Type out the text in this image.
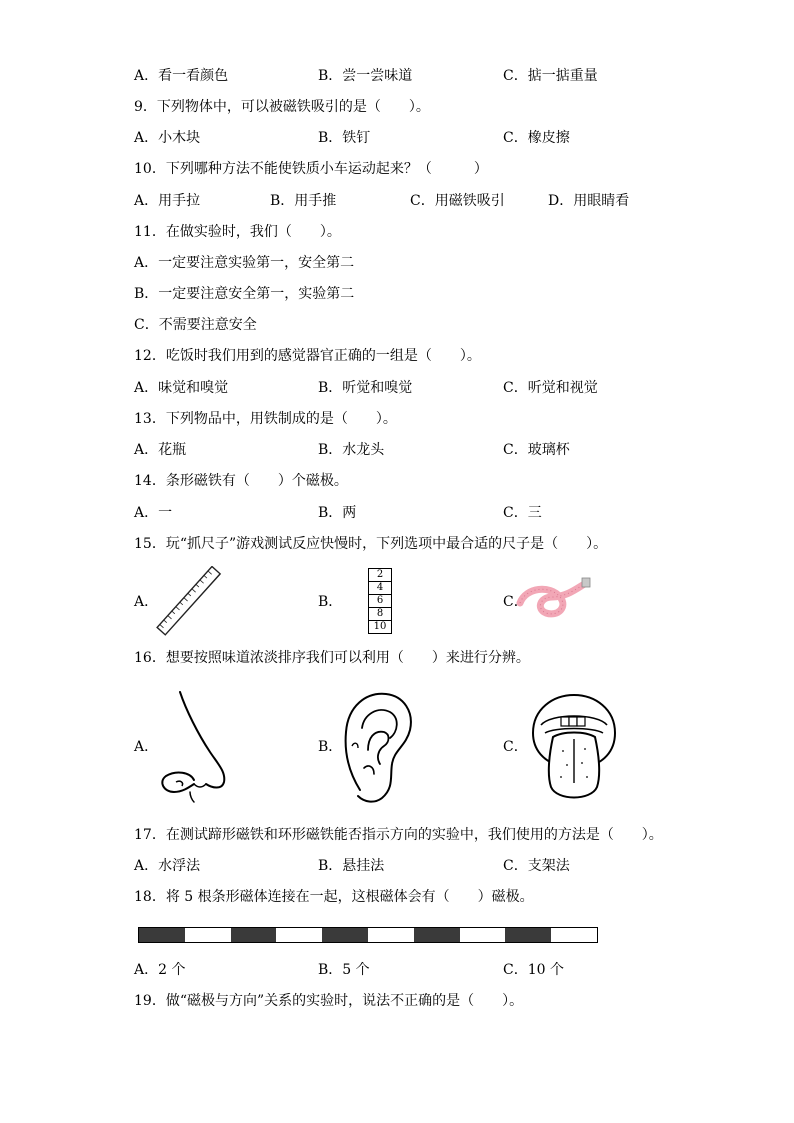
A．看一看颜色	B．尝一尝味道	C．掂一掂重量
9．下列物体中，可以被磁铁吸引的是（　　）。
A．小木块	B．铁钉	C．橡皮擦
10．下列哪种方法不能使铁质小车运动起来？（　　　）
A．用手拉	B．用手推	C．用磁铁吸引	D．用眼睛看
11．在做实验时，我们（　　）。
A．一定要注意实验第一，安全第二
B．一定要注意安全第一，实验第二
C．不需要注意安全
12．吃饭时我们用到的感觉器官正确的一组是（　　）。
A．味觉和嗅觉	B．听觉和嗅觉	C．听觉和视觉
13．下列物品中，用铁制成的是（　　）。
A．花瓶	B．水龙头	C．玻璃杯
14．条形磁铁有（　　）个磁极。
A．一	B．两	C．三
15．玩“抓尺子”游戏测试反应快慢时，下列选项中最合适的尺子是（　　）。
A．	B．	C．
2
4
6
8
10
16．想要按照味道浓淡排序我们可以利用（　　）来进行分辨。
A．	B．	C．
17．在测试蹄形磁铁和环形磁铁能否指示方向的实验中，我们使用的方法是（　　）。
A．水浮法	B．悬挂法	C．支架法
18．将 5 根条形磁体连接在一起，这根磁体会有（　　）磁极。
A．2 个	B．5 个	C．10 个
19．做“磁极与方向”关系的实验时，说法不正确的是（　　）。
